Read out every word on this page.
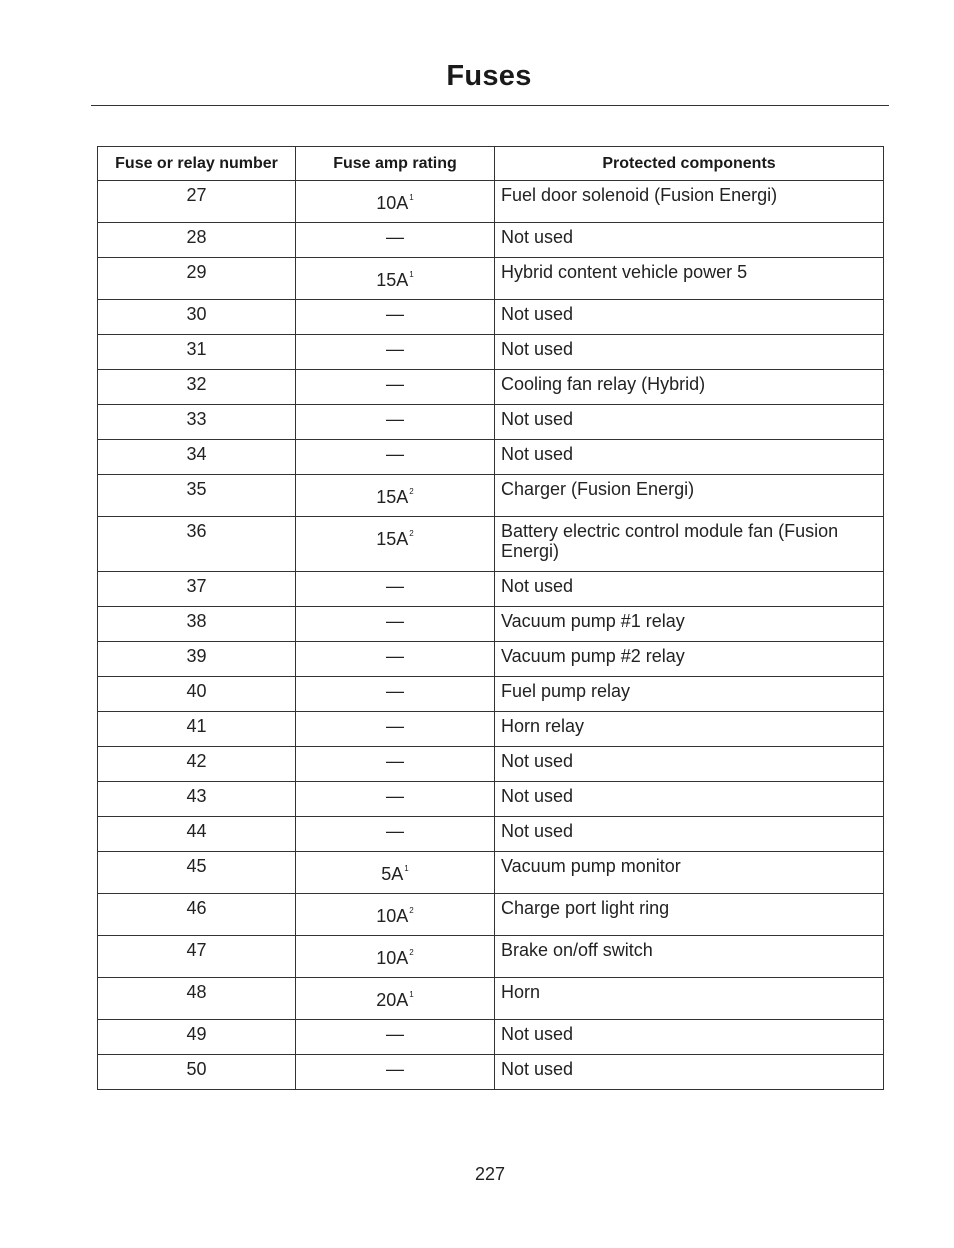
Fuses
Fuse or relay number	Fuse amp rating	Protected components
27	$10A^1$	Fuel door solenoid (Fusion Energi)
28	—	Not used
29	$15A^1$	Hybrid content vehicle power 5
30	—	Not used
31	—	Not used
32	—	Cooling fan relay (Hybrid)
33	—	Not used
34	—	Not used
35	$15A^2$	Charger (Fusion Energi)
36	$15A^2$	Battery electric control module fan (Fusion Energi)
37	—	Not used
38	—	Vacuum pump #1 relay
39	—	Vacuum pump #2 relay
40	—	Fuel pump relay
41	—	Horn relay
42	—	Not used
43	—	Not used
44	—	Not used
45	$5A^1$	Vacuum pump monitor
46	$10A^2$	Charge port light ring
47	$10A^2$	Brake on/off switch
48	$20A^1$	Horn
49	—	Not used
50	—	Not used
227
